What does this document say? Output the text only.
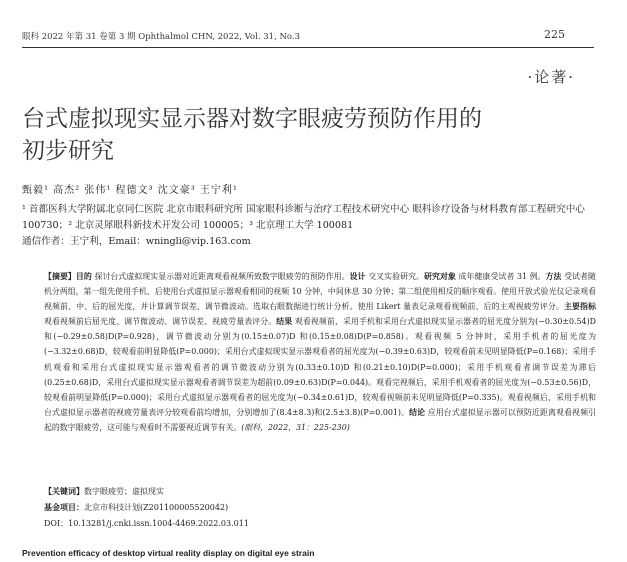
眼科 2022 年第 31 卷第 3 期 Ophthalmol CHN, 2022, Vol. 31, No.3	225
·论著·
台式虚拟现实显示器对数字眼疲劳预防作用的
初步研究
甄毅¹ 高杰² 张伟¹ 程德文³ 沈文豪³ 王宁利¹
¹ 首都医科大学附属北京同仁医院 北京市眼科研究所 国家眼科诊断与治疗工程技术研究中心 眼科诊疗设备与材料教育部工程研究中心 100730；² 北京灵犀眼科新技术开发公司 100005；³ 北京理工大学 100081
通信作者：王宁利，Email：wningli@vip.163.com
【摘要】目的 探讨台式虚拟现实显示器对近距离观看视频所致数字眼疲劳的预防作用。设计 交叉实验研究。研究对象 成年健康受试者 31 例。方法 受试者随机分两组，第一组先使用手机、后使用台式虚拟显示器观看相同的视频 10 分钟，中间休息 30 分钟；第二组使用相反的顺序观看。使用开放式验光仪记录观看视频前、中、后的屈光度，并计算调节误差、调节微波动。选取右眼数据进行统计分析。使用 Likert 量表记录观看视频前、后的主观视疲劳评分。主要指标 观看视频前后屈光度、调节微波动、调节误差、视疲劳量表评分。结果 观看视频前，采用手机和采用台式虚拟现实显示器者的屈光度分别为(−0.30±0.54)D 和(−0.29±0.58)D(P=0.928)，调节微波动分别为(0.15±0.07)D 和(0.15±0.08)D(P=0.858)。观看视频 5 分钟时，采用手机者的屈光度为(−3.32±0.68)D，较观看前明显降低(P=0.000)；采用台式虚拟现实显示器观看者的屈光度为(−0.39±0.63)D，较观看前未见明显降低(P=0.168)；采用手机观看和采用台式虚拟现实显示器观看者的调节微波动分别为(0.33±0.10)D 和(0.21±0.10)D(P=0.000)；采用手机观看者调节误差为滞后(0.25±0.68)D，采用台式虚拟现实显示器观看者调节误差为超前(0.09±0.63)D(P=0.044)。观看完视频后，采用手机观看者的屈光度为(−0.53±0.56)D，较观看前明显降低(P=0.000)；采用台式虚拟显示器观看者的屈光度为(−0.34±0.61)D，较观看视频前未见明显降低(P=0.335)。观看视频后，采用手机和台式虚拟显示器者的视疲劳量表评分较观看前均增加，分别增加了(8.4±8.3)和(2.5±3.8)(P=0.001)。结论 应用台式虚拟显示器可以预防近距离观看视频引起的数字眼疲劳，这可能与观看时不需要视近调节有关。(眼科，2022，31：225-230)
【关键词】数字眼疲劳；虚拟现实
基金项目：北京市科技计划(Z201100005520042)
DOI：10.13281/j.cnki.issn.1004-4469.2022.03.011
Prevention efficacy of desktop virtual reality display on digital eye strain
